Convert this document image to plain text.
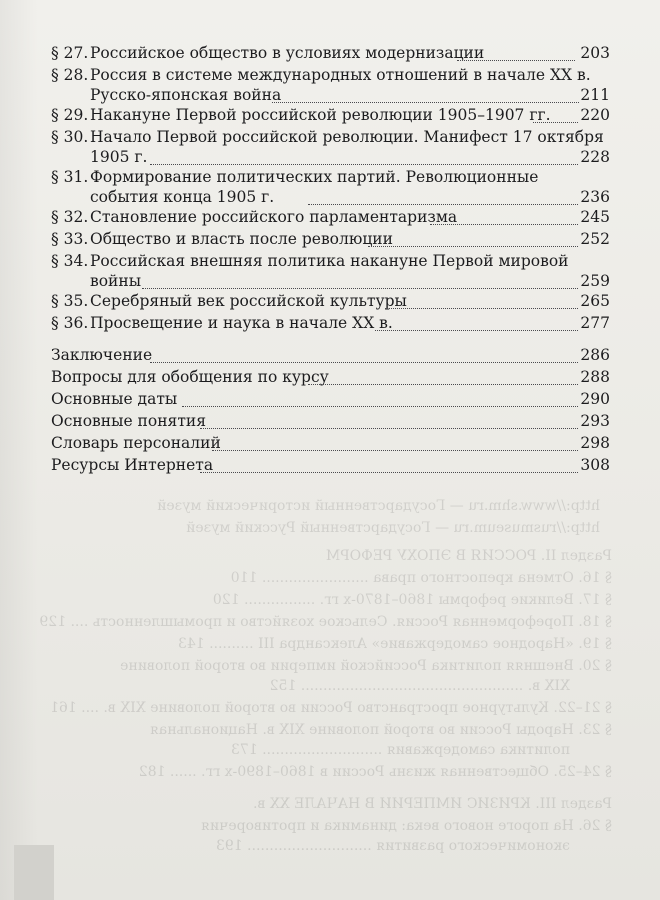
Раздел II. РОССИЯ В ЭПОХУ РЕФОРМ
§ 16. Отмена крепостного права ........................ 110
§ 17. Великие реформы 1860–1870-х гг. ................ 120
§ 18. Пореформенная Россия. Сельское хозяйство и промышленность .... 129
§ 19. «Народное самодержавие» Александра III .......... 143
§ 20. Внешняя политика Российской империи во второй половине
XIX в. .................................................. 152
§ 21–22. Культурное пространство России во второй половине XIX в. .... 161
§ 23. Народы России во второй половине XIX в. Национальная
политика самодержавия ........................... 173
§ 24–25. Общественная жизнь России в 1860–1890-х гг. ...... 182
Раздел III. КРИЗИС ИМПЕРИИ В НАЧАЛЕ XX в.
§ 26. На пороге нового века: динамика и противоречия
экономического развития ............................ 193
http://www.shm.ru — Государственный исторический музей
http://rusmuseum.ru — Государственный Русский музей
§ 27. Российское общество в условиях модернизации	203
§ 28. Россия в системе международных отношений в начале XX в.
Русско-японская война	211
§ 29. Накануне Первой российской революции 1905–1907 гг. 220
§ 30. Начало Первой российской революции. Манифест 17 октября
1905 г.	228
§ 31. Формирование политических партий. Революционные
события конца 1905 г.	236
§ 32. Становление российского парламентаризма	245
§ 33. Общество и власть после революции	252
§ 34. Российская внешняя политика накануне Первой мировой
войны	259
§ 35. Серебряный век российской культуры	265
§ 36. Просвещение и наука в начале XX в.	277
Заключение	286
Вопросы для обобщения по курсу	288
Основные даты	290
Основные понятия	293
Словарь персоналий	298
Ресурсы Интернета	308
